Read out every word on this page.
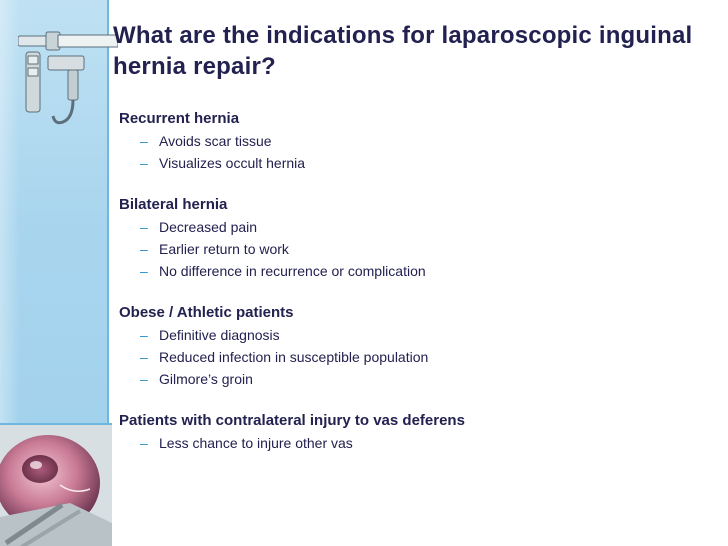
What are the indications for laparoscopic inguinal hernia repair?
Recurrent hernia
– Avoids scar tissue
– Visualizes occult hernia
Bilateral hernia
– Decreased pain
– Earlier return to work
– No difference in recurrence or complication
Obese / Athletic patients
– Definitive diagnosis
– Reduced infection in susceptible population
– Gilmore’s groin
Patients with contralateral injury to vas deferens
– Less chance to injure other vas
